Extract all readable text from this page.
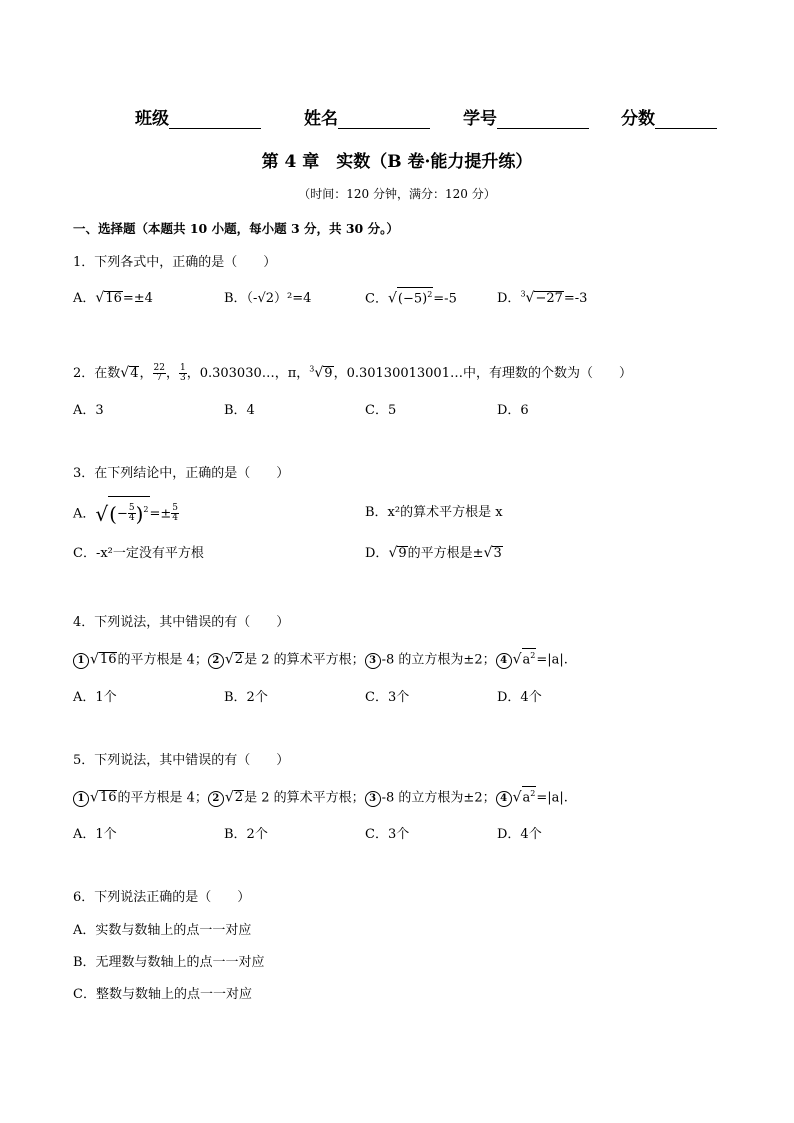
班级	姓名	学号	分数
第 4 章　实数（B 卷·能力提升练）
（时间：120 分钟，满分：120 分）
一、选择题（本题共 10 小题，每小题 3 分，共 30 分。）
1．下列各式中，正确的是（　　）
A．√16=±4	B．（-√2）²=4	C．$√(-5)^2=-5$	D．$^3$√−27=-3
2．在数√4， $\frac{22}{7}$ ， $\frac{1}{3}$ ，0.303030…，π，$^3$√9，0.30130013001…中，有理数的个数为（　　）
A．3	B．4	C．5	D．6
3．在下列结论中，正确的是（　　）
A．√(− $\frac{5}{4} )^2=\pm \frac{5}{4}$	B．x²的算术平方根是 x
C．-x²一定没有平方根	D．√9的平方根是±√3
4．下列说法，其中错误的有（　　）
1 √16的平方根是 4； 2 √2是 2 的算术平方根； 3 -8 的立方根为±2； 4 $√a^2=|a|$.
A．1个	B．2个	C．3个	D．4个
5．下列说法，其中错误的有（　　）
1 √16的平方根是 4； 2 √2是 2 的算术平方根； 3 -8 的立方根为±2； 4 $√a^2=|a|$.
A．1个	B．2个	C．3个	D．4个
6．下列说法正确的是（　　）
A．实数与数轴上的点一一对应
B．无理数与数轴上的点一一对应
C．整数与数轴上的点一一对应
